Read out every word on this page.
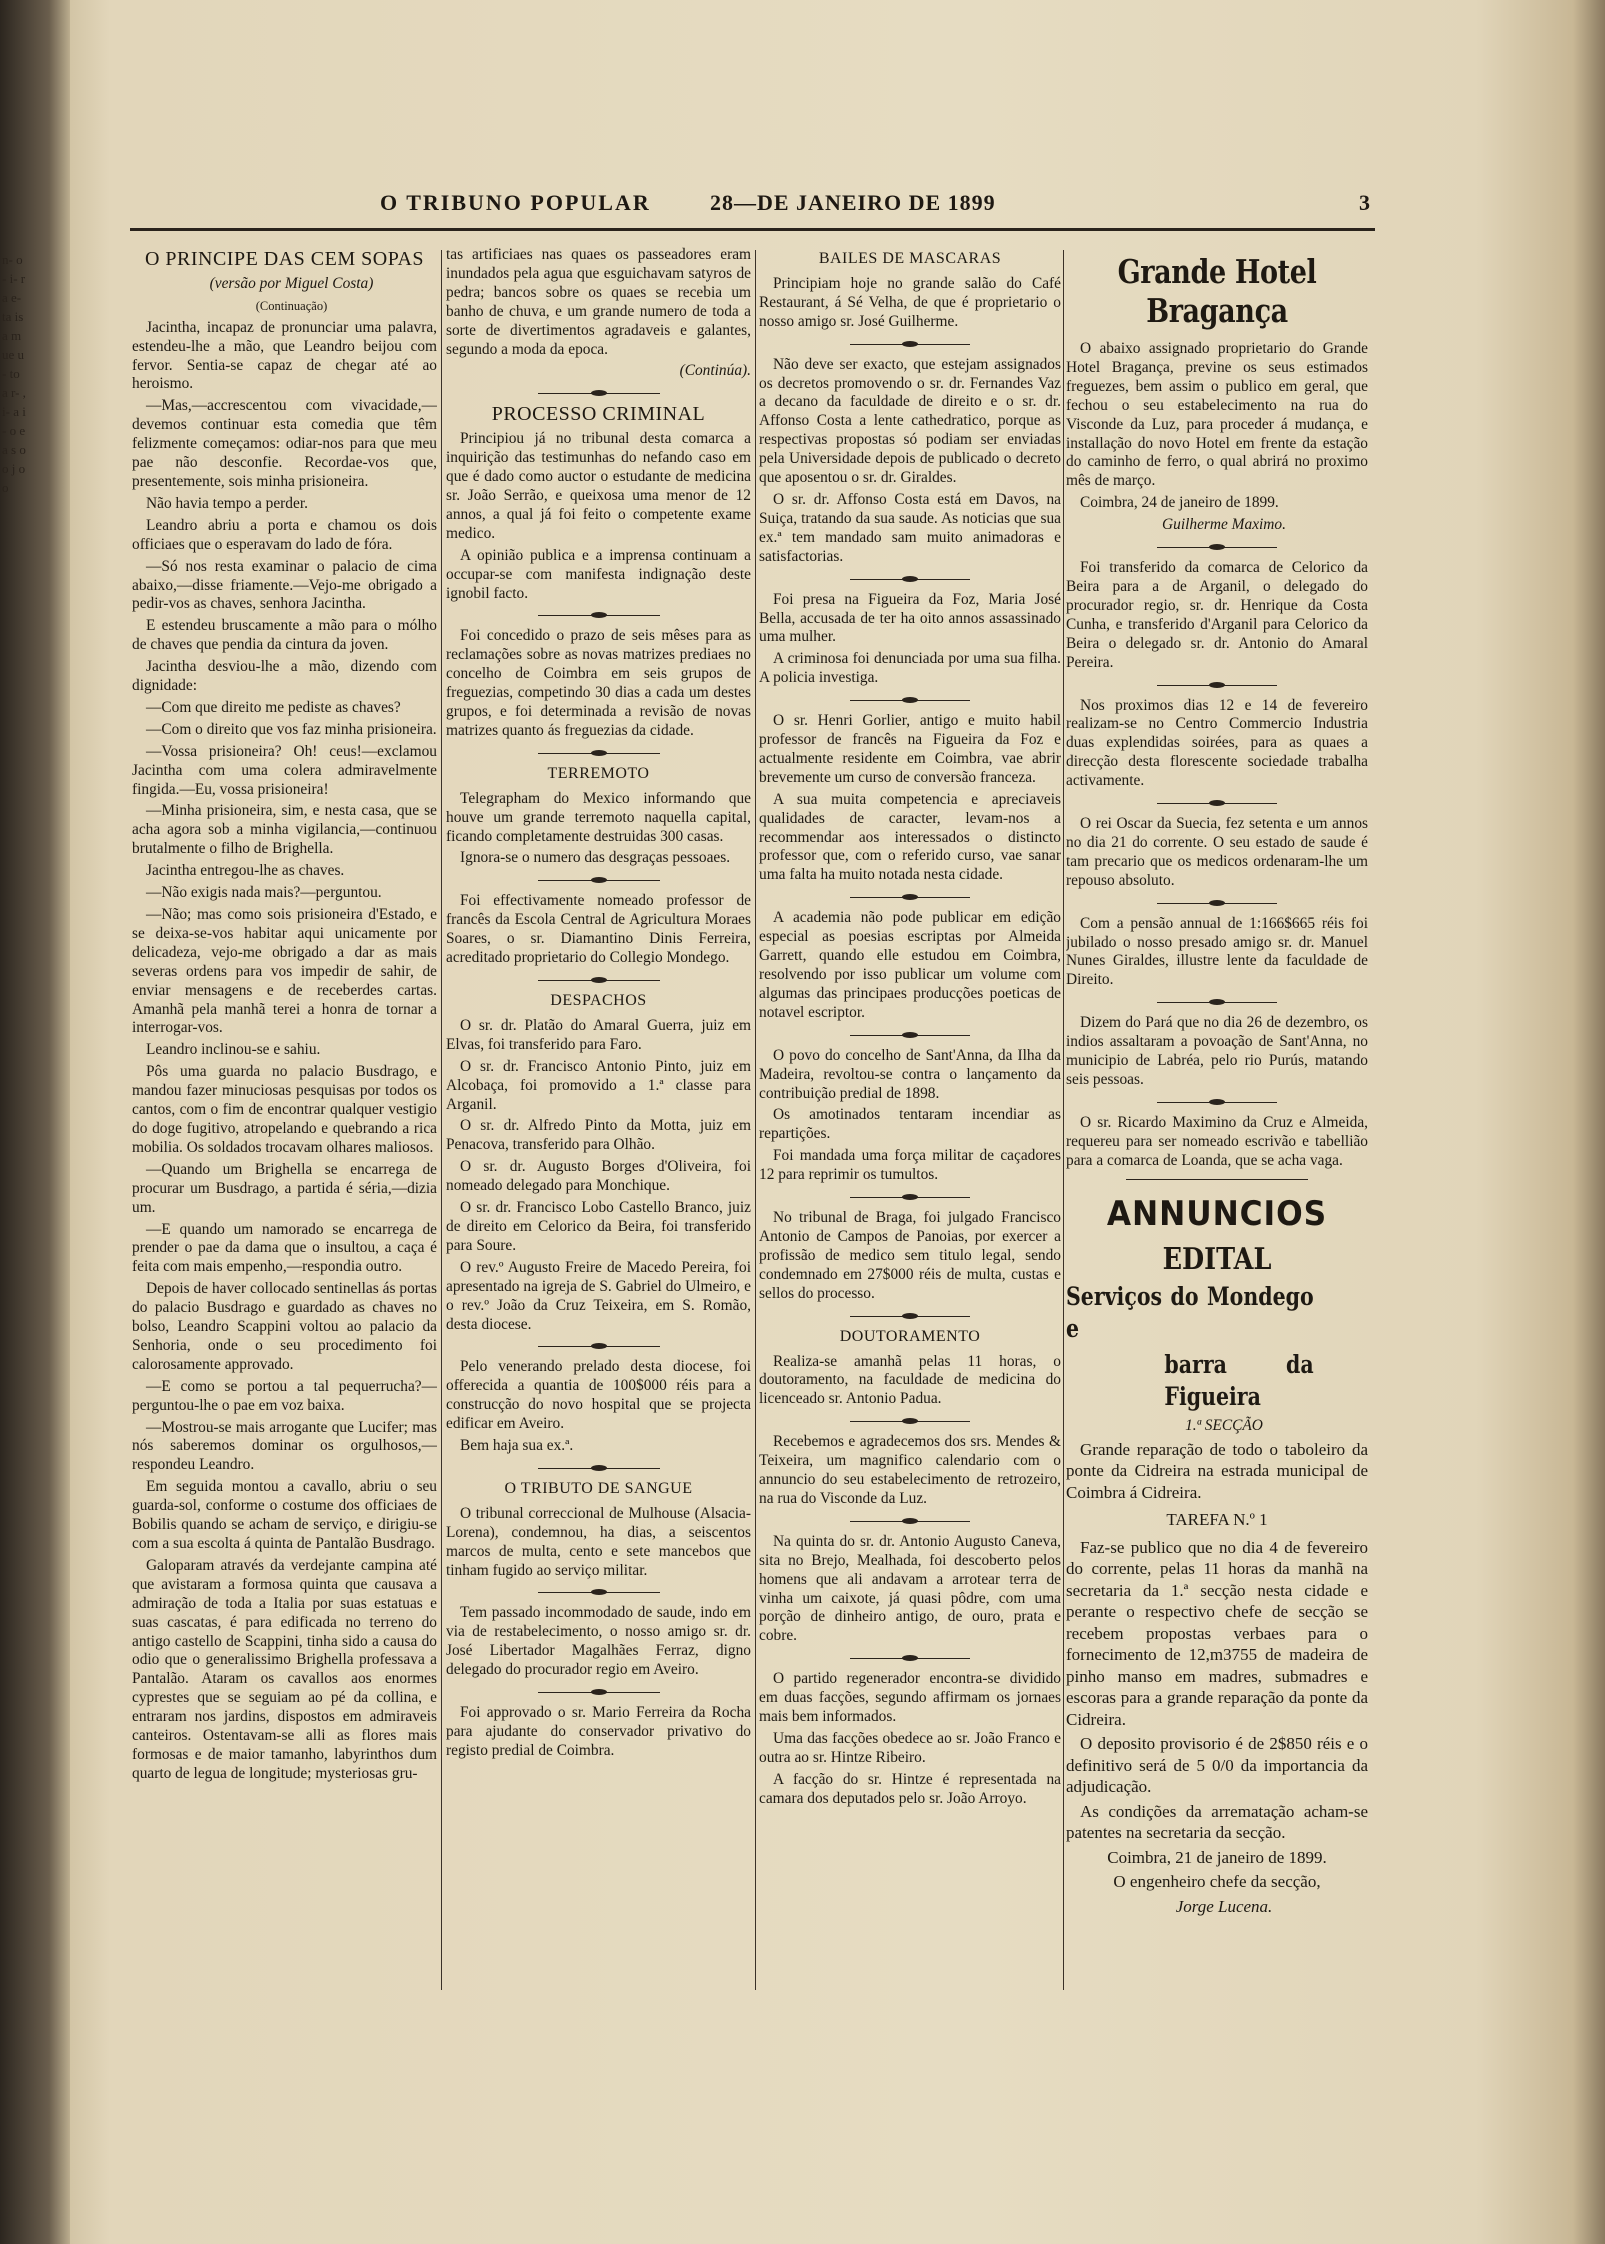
n- o- i- ra e- ta is a m ue u- to a r- ,i- a i- o e a s o o j o o
O TRIBUNO POPULAR	28—DE JANEIRO DE 1899	3
O PRINCIPE DAS CEM SOPAS

(versão por Miguel Costa)

(Continuação)

Jacintha, incapaz de pronunciar uma palavra, estendeu-lhe a mão, que Leandro beijou com fervor. Sentia-se capaz de chegar até ao heroismo.

—Mas,—accrescentou com vivacidade,—devemos continuar esta comedia que têm felizmente começamos: odiar-nos para que meu pae não desconfie. Recordae-vos que, presentemente, sois minha prisioneira.

Não havia tempo a perder.

Leandro abriu a porta e chamou os dois officiaes que o esperavam do lado de fóra.

—Só nos resta examinar o palacio de cima abaixo,—disse friamente.—Vejo-me obrigado a pedir-vos as chaves, senhora Jacintha.

E estendeu bruscamente a mão para o mólho de chaves que pendia da cintura da joven.

Jacintha desviou-lhe a mão, dizendo com dignidade:

—Com que direito me pediste as chaves?

—Com o direito que vos faz minha prisioneira.

—Vossa prisioneira? Oh! ceus!—exclamou Jacintha com uma colera admiravelmente fingida.—Eu, vossa prisioneira!

—Minha prisioneira, sim, e nesta casa, que se acha agora sob a minha vigilancia,—continuou brutalmente o filho de Brighella.

Jacintha entregou-lhe as chaves.

—Não exigis nada mais?—perguntou.

—Não; mas como sois prisioneira d'Estado, e se deixa-se-vos habitar aqui unicamente por delicadeza, vejo-me obrigado a dar as mais severas ordens para vos impedir de sahir, de enviar mensagens e de receberdes cartas. Amanhã pela manhã terei a honra de tornar a interrogar-vos.

Leandro inclinou-se e sahiu.

Pôs uma guarda no palacio Busdrago, e mandou fazer minuciosas pesquisas por todos os cantos, com o fim de encontrar qualquer vestigio do doge fugitivo, atropelando e quebrando a rica mobilia. Os soldados trocavam olhares maliosos.

—Quando um Brighella se encarrega de procurar um Busdrago, a partida é séria,—dizia um.

—E quando um namorado se encarrega de prender o pae da dama que o insultou, a caça é feita com mais empenho,—respondia outro.

Depois de haver collocado sentinellas ás portas do palacio Busdrago e guardado as chaves no bolso, Leandro Scappini voltou ao palacio da Senhoria, onde o seu procedimento foi calorosamente approvado.

—E como se portou a tal pequerrucha?—perguntou-lhe o pae em voz baixa.

—Mostrou-se mais arrogante que Lucifer; mas nós saberemos dominar os orgulhosos,—respondeu Leandro.

Em seguida montou a cavallo, abriu o seu guarda-sol, conforme o costume dos officiaes de Bobilis quando se acham de serviço, e dirigiu-se com a sua escolta á quinta de Pantalão Busdrago.

Galoparam através da verdejante campina até que avistaram a formosa quinta que causava a admiração de toda a Italia por suas estatuas e suas cascatas, é para edificada no terreno do antigo castello de Scappini, tinha sido a causa do odio que o generalissimo Brighella professava a Pantalão. Ataram os cavallos aos enormes cyprestes que se seguiam ao pé da collina, e entraram nos jardins, dispostos em admiraveis canteiros. Ostentavam-se alli as flores mais formosas e de maior tamanho, labyrinthos dum quarto de legua de longitude; mysteriosas gru-

tas artificiaes nas quaes os passeadores eram inundados pela agua que esguichavam satyros de pedra; bancos sobre os quaes se recebia um banho de chuva, e um grande numero de toda a sorte de divertimentos agradaveis e galantes, segundo a moda da epoca.

(Continúa).

PROCESSO CRIMINAL

Principiou já no tribunal desta comarca a inquirição das testimunhas do nefando caso em que é dado como auctor o estudante de medicina sr. João Serrão, e queixosa uma menor de 12 annos, a qual já foi feito o competente exame medico.

A opinião publica e a imprensa continuam a occupar-se com manifesta indignação deste ignobil facto.

Foi concedido o prazo de seis mêses para as reclamações sobre as novas matrizes prediaes no concelho de Coimbra em seis grupos de freguezias, competindo 30 dias a cada um destes grupos, e foi determinada a revisão de novas matrizes quanto ás freguezias da cidade.

TERREMOTO

Telegrapham do Mexico informando que houve um grande terremoto naquella capital, ficando completamente destruidas 300 casas.

Ignora-se o numero das desgraças pessoaes.

Foi effectivamente nomeado professor de francês da Escola Central de Agricultura Moraes Soares, o sr. Diamantino Dinis Ferreira, acreditado proprietario do Collegio Mondego.

DESPACHOS

O sr. dr. Platão do Amaral Guerra, juiz em Elvas, foi transferido para Faro.

O sr. dr. Francisco Antonio Pinto, juiz em Alcobaça, foi promovido a 1.ª classe para Arganil.

O sr. dr. Alfredo Pinto da Motta, juiz em Penacova, transferido para Olhão.

O sr. dr. Augusto Borges d'Oliveira, foi nomeado delegado para Monchique.

O sr. dr. Francisco Lobo Castello Branco, juiz de direito em Celorico da Beira, foi transferido para Soure.

O rev.º Augusto Freire de Macedo Pereira, foi apresentado na igreja de S. Gabriel do Ulmeiro, e o rev.º João da Cruz Teixeira, em S. Romão, desta diocese.

Pelo venerando prelado desta diocese, foi offerecida a quantia de 100$000 réis para a construcção do novo hospital que se projecta edificar em Aveiro.

Bem haja sua ex.ª.

O TRIBUTO DE SANGUE

O tribunal correccional de Mulhouse (Alsacia-Lorena), condemnou, ha dias, a seiscentos marcos de multa, cento e sete mancebos que tinham fugido ao serviço militar.

Tem passado incommodado de saude, indo em via de restabelecimento, o nosso amigo sr. dr. José Libertador Magalhães Ferraz, digno delegado do procurador regio em Aveiro.

Foi approvado o sr. Mario Ferreira da Rocha para ajudante do conservador privativo do registo predial de Coimbra.

BAILES DE MASCARAS

Principiam hoje no grande salão do Café Restaurant, á Sé Velha, de que é proprietario o nosso amigo sr. José Guilherme.

Não deve ser exacto, que estejam assignados os decretos promovendo o sr. dr. Fernandes Vaz a decano da faculdade de direito e o sr. dr. Affonso Costa a lente cathedratico, porque as respectivas propostas só podiam ser enviadas pela Universidade depois de publicado o decreto que aposentou o sr. dr. Giraldes.

O sr. dr. Affonso Costa está em Davos, na Suiça, tratando da sua saude. As noticias que sua ex.ª tem mandado sam muito animadoras e satisfactorias.

Foi presa na Figueira da Foz, Maria José Bella, accusada de ter ha oito annos assassinado uma mulher.

A criminosa foi denunciada por uma sua filha. A policia investiga.

O sr. Henri Gorlier, antigo e muito habil professor de francês na Figueira da Foz e actualmente residente em Coimbra, vae abrir brevemente um curso de conversão franceza.

A sua muita competencia e apreciaveis qualidades de caracter, levam-nos a recommendar aos interessados o distincto professor que, com o referido curso, vae sanar uma falta ha muito notada nesta cidade.

A academia não pode publicar em edição especial as poesias escriptas por Almeida Garrett, quando elle estudou em Coimbra, resolvendo por isso publicar um volume com algumas das principaes producções poeticas de notavel escriptor.

O povo do concelho de Sant'Anna, da Ilha da Madeira, revoltou-se contra o lançamento da contribuição predial de 1898.

Os amotinados tentaram incendiar as repartições.

Foi mandada uma força militar de caçadores 12 para reprimir os tumultos.

No tribunal de Braga, foi julgado Francisco Antonio de Campos de Panoias, por exercer a profissão de medico sem titulo legal, sendo condemnado em 27$000 réis de multa, custas e sellos do processo.

DOUTORAMENTO

Realiza-se amanhã pelas 11 horas, o doutoramento, na faculdade de medicina do licenceado sr. Antonio Padua.

Recebemos e agradecemos dos srs. Mendes & Teixeira, um magnifico calendario com o annuncio do seu estabelecimento de retrozeiro, na rua do Visconde da Luz.

Na quinta do sr. dr. Antonio Augusto Caneva, sita no Brejo, Mealhada, foi descoberto pelos homens que ali andavam a arrotear terra de vinha um caixote, já quasi pôdre, com uma porção de dinheiro antigo, de ouro, prata e cobre.

O partido regenerador encontra-se dividido em duas facções, segundo affirmam os jornaes mais bem informados.

Uma das facções obedece ao sr. João Franco e outra ao sr. Hintze Ribeiro.

A facção do sr. Hintze é representada na camara dos deputados pelo sr. João Arroyo.

Grande Hotel Bragança

O abaixo assignado proprietario do Grande Hotel Bragança, previne os seus estimados freguezes, bem assim o publico em geral, que fechou o seu estabelecimento na rua do Visconde da Luz, para proceder á mudança, e installação do novo Hotel em frente da estação do caminho de ferro, o qual abrirá no proximo mês de março.

Coimbra, 24 de janeiro de 1899.

Guilherme Maximo.

Foi transferido da comarca de Celorico da Beira para a de Arganil, o delegado do procurador regio, sr. dr. Henrique da Costa Cunha, e transferido d'Arganil para Celorico da Beira o delegado sr. dr. Antonio do Amaral Pereira.

Nos proximos dias 12 e 14 de fevereiro realizam-se no Centro Commercio Industria duas explendidas soirées, para as quaes a direcção desta florescente sociedade trabalha activamente.

O rei Oscar da Suecia, fez setenta e um annos no dia 21 do corrente. O seu estado de saude é tam precario que os medicos ordenaram-lhe um repouso absoluto.

Com a pensão annual de 1:166$665 réis foi jubilado o nosso presado amigo sr. dr. Manuel Nunes Giraldes, illustre lente da faculdade de Direito.

Dizem do Pará que no dia 26 de dezembro, os indios assaltaram a povoação de Sant'Anna, no municipio de Labréa, pelo rio Purús, matando seis pessoas.

O sr. Ricardo Maximino da Cruz e Almeida, requereu para ser nomeado escrivão e tabellião para a comarca de Loanda, que se acha vaga.

ANNUNCIOS
EDITAL
Serviços do Mondego e
barra da Figueira

1.ª SECÇÃO

Grande reparação de todo o taboleiro da ponte da Cidreira na estrada municipal de Coimbra á Cidreira.

TAREFA N.º 1

Faz-se publico que no dia 4 de fevereiro do corrente, pelas 11 horas da manhã na secretaria da 1.ª secção nesta cidade e perante o respectivo chefe de secção se recebem propostas verbaes para o fornecimento de 12,m3755 de madeira de pinho manso em madres, submadres e escoras para a grande reparação da ponte da Cidreira.

O deposito provisorio é de 2$850 réis e o definitivo será de 5 0/0 da importancia da adjudicação.

As condições da arrematação acham-se patentes na secretaria da secção.

Coimbra, 21 de janeiro de 1899.

O engenheiro chefe da secção,

Jorge Lucena.
